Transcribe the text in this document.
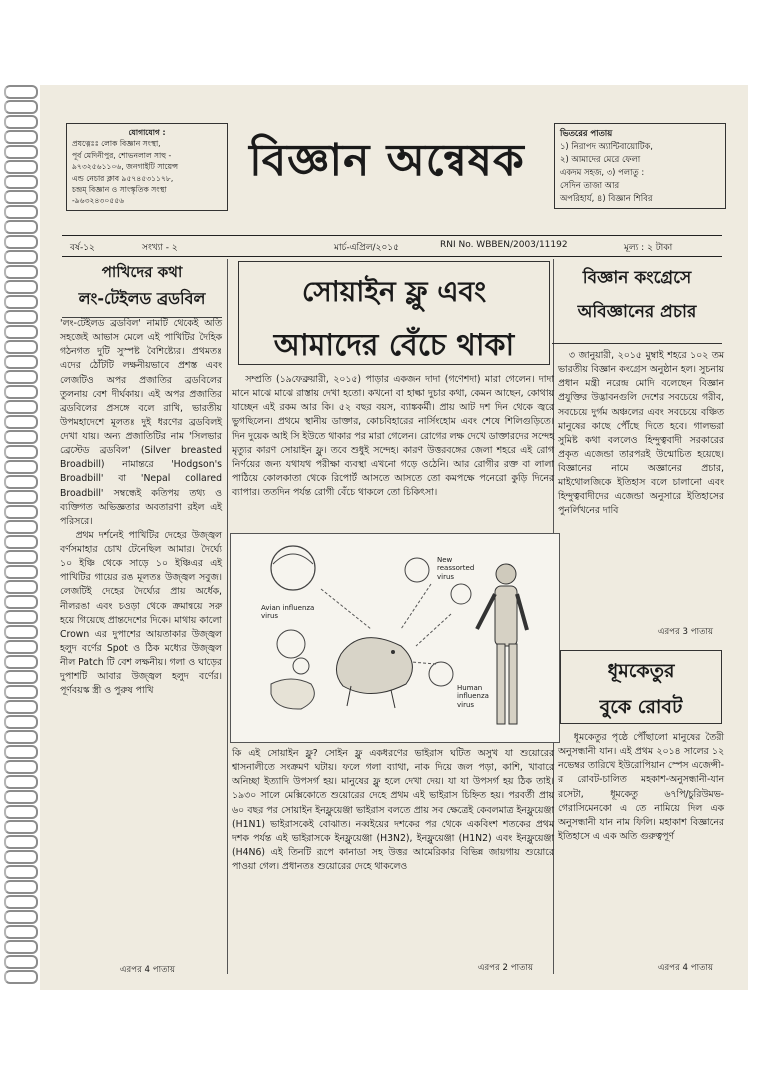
যোগাযোগ :
প্রযত্নেঃঃ লোক বিজ্ঞান সংস্থা,
পূর্ব মেদিনীপুর, শোভনলাল সাহু -
৯৭৩২৫৬১১০৬, জনগাইটি সায়েন্স
এন্ড নেচার ক্লাব ৯৫৭৪৫৩১১৭৮,
চন্দ্রম্ বিজ্ঞান ও সাংস্কৃতিক সংস্থা
-৯৬৩২৪৩০৫৫৬
বিজ্ঞান অন্বেষক
ভিতরের পাতায়
১) নিরাপদ অ্যান্টিবায়োটিক,
২) আমাদের মেরে ফেলা
একদম সহজ, ৩) পলাতু :
সেদিন তাজা আর
অপরিহার্য, ৪) বিজ্ঞান শিবির
বর্ষ-১২	সংখ্যা - ২	মার্চ-এপ্রিল/২০১৫	RNI No. WBBEN/2003/11192	মূল্য : ২ টাকা
পাখিদের কথা
লং-টেইলড ব্রডবিল

'লং-টেইলড ব্রডবিল' নামটি থেকেই অতি সহজেই আভাস মেলে এই পাখিটির দৈহিক গঠনগত দুটি সুস্পষ্ট বৈশিষ্ট্যের। প্রথমতঃ এদের ঠোঁটটি লক্ষনীয়ভাবে প্রশস্ত এবং লেজটিও অপর প্রজাতির ব্রডবিলের তুলনায় বেশ দীর্ঘকায়। এই অপর প্রজাতির ব্রডবিলের প্রসঙ্গে বলে রাখি, ভারতীয় উপমহাদেশে মূলতঃ দুই ধরণের ব্রডবিলই দেখা যায়। অন্য প্রজাতিটির নাম 'সিলভার ব্রেস্টেড ব্রডবিল' (Silver breasted Broadbill) নামান্তরে 'Hodgson's Broadbill' বা 'Nepal collared Broadbill' সম্বন্ধেই কতিপয় তথ্য ও ব্যক্তিগত অভিজ্ঞতার অবতারণা রইল এই পরিসরে।
প্রথম দর্শনেই পাখিটির দেহের উজ্জ্বল বর্ণসমাহার চোখ টেনেছিল আমার। দৈর্ঘ্যে ১০ ইঞ্চি থেকে সাড়ে ১০ ইঞ্চিএর এই পাখিটির গায়ের রঙ মূলতঃ উজ্জ্বল সবুজ। লেজটিই দেহের দৈর্ঘ্যের প্রায় অর্ধেক, নীলরঙা এবং চওড়া থেকে ক্রমান্বয়ে সরু হয়ে গিয়েছে প্রান্তদেশের দিকে। মাথায় কালো Crown এর দুপাশের আয়তাকার উজ্জ্বল হলুদ বর্ণের Spot ও ঠিক মধ্যের উজ্জ্বল নীল Patch টি বেশ লক্ষনীয়। গলা ও ঘাড়ের দুপাশটি আবার উজ্জ্বল হলুদ বর্ণের। পূর্ণবয়স্ক স্ত্রী ও পুরুষ পাখি

এরপর 4 পাতায়
সোয়াইন ফ্লু এবং
আমাদের বেঁচে থাকা

সম্প্রতি (১৯ফেব্রুয়ারী, ২০১৫) পাড়ার একজন দাদা (গণেশদা) মারা গেলেন। দাদা মানে মাঝে মাঝে রাস্তায় দেখা হতো। কখনো বা হাল্কা দুচার কথা, কেমন আছেন, কোথায় যাচ্ছেন এই রকম আর কি। ৫২ বছর বয়স, ব্যাঙ্ককর্মী। প্রায় আট দশ দিন থেকে জ্বরে ভুগছিলেন। প্রথমে স্থানীয় ডাক্তার, কোচবিহারের নার্সিংহোম এবং শেষে শিলিগুড়িতে। দিন দুয়েক আই সি ইউতে থাকার পর মারা গেলেন। রোগের লক্ষ দেখে ডাক্তারদের সন্দেহ মৃত্যুর কারণ সোয়াইন ফ্লু। তবে শুধুই সন্দেহ। কারণ উত্তরবঙ্গের জেলা শহরে এই রোগ নির্ণয়ের জন্য যথাযথ পরীক্ষা ব্যবস্থা এখনো গড়ে ওঠেনি। আর রোগীর রক্ত বা লালা পাঠিয়ে কোলকাতা থেকে রিপোর্ট আসতে আসতে তো কমপক্ষে পনেরো কুড়ি দিনের ব্যাপার। ততদিন পর্যন্ত রোগী বেঁচে থাকলে তো চিকিৎসা।

New reassorted virus
Avian influenza virus
Human influenza virus

কি এই সোয়াইন ফ্লু? সোইন ফ্লু একধরণের ভাইরাস ঘটিত অসুখ যা শুয়োরের শ্বাসনালীতে সংক্রমণ ঘটায়। ফলে গলা ব্যাথা, নাক দিয়ে জল পড়া, কাশি, খাবারে অনিচ্ছা ইত্যাদি উপসর্গ হয়। মানুষের ফ্লু হলে দেখা দেয়। যা যা উপসর্গ হয় ঠিক তাই। ১৯৩০ সালে মেক্সিকোতে শুয়োরের দেহে প্রথম এই ভাইরাস চিহ্নিত হয়। পরবর্তী প্রায় ৬০ বছর পর সোয়াইন ইনফ্লুয়েঞ্জা ভাইরাস বলতে প্রায় সব ক্ষেত্রেই কেবলমাত্র ইনফ্লুয়েঞ্জা (H1N1) ভাইরাসকেই বোঝাত। নব্বইয়ের দশকের পর থেকে একবিংশ শতকের প্রথম দশক পর্যন্ত এই ভাইরাসকে ইনফ্লুয়েঞ্জা (H3N2), ইনফ্লুয়েঞ্জা (H1N2) এবং ইনফ্লুয়েঞ্জা (H4N6) এই তিনটি রূপে কানাডা সহ উত্তর আমেরিকার বিভিন্ন জায়গায় শুয়োরে পাওয়া গেল। প্রধানতঃ শুয়োরের দেহে থাকলেও

এরপর 2 পাতায়
বিজ্ঞান কংগ্রেসে
অবিজ্ঞানের প্রচার

৩ জানুয়ারী, ২০১৫ মুম্বাই শহরে ১০২ তম ভারতীয় বিজ্ঞান কংগ্রেস অনুষ্ঠান হল। সুচনায় প্রধান মন্ত্রী নরেন্দ্র মোদি বলেছেন বিজ্ঞান প্রযুক্তির উদ্ভাবনগুলি দেশের সবচেয়ে গরীব, সবচেয়ে দুর্গম অঞ্চলের এবং সবচেয়ে বঞ্চিত মানুষের কাছে পৌঁছে দিতে হবে। গালভরা সুমিষ্ট কথা বললেও হিন্দুত্ববাদী সরকারের প্রকৃত এজেন্ডা তারপরই উন্মোচিত হয়েছে। বিজ্ঞানের নামে অজ্ঞানের প্রচার, মাইথোলজিকে ইতিহাস বলে চালানো এবং হিন্দুত্ববাদীদের এজেন্ডা অনুসারে ইতিহাসের পুনর্লিখনের দাবি

এরপর 3 পাতায়
ধূমকেতুর
বুকে রোবট

ধূমকেতুর পৃষ্ঠে পৌঁছালো মানুষের তৈরী অনুসন্ধানী যান। এই প্রথম ২০১৪ সালের ১২ নভেম্বর তারিখে ইউরোপিয়ান স্পেস এজেন্সী-র রোবট-চালিত মহকাশ-অনুসন্ধানী-যান রসেটা, ধূমকেতু ৬৭পি/চুরিউমভ-গেরাসিমেনকো এ তে নামিয়ে দিল এক অনুসন্ধানী যান নাম ফিলি। মহাকাশ বিজ্ঞানের ইতিহাসে এ এক অতি গুরুত্বপূর্ণ

এরপর 4 পাতায়
